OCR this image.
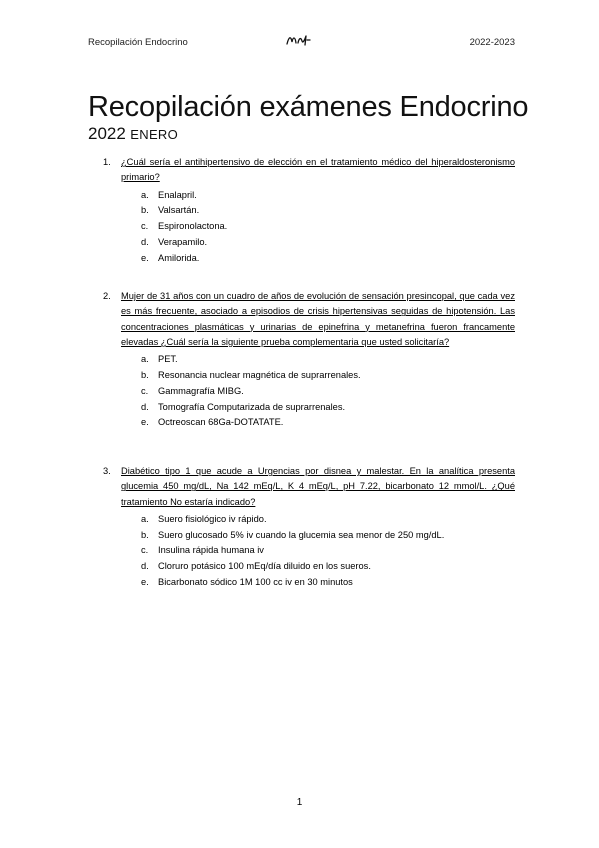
Recopilación Endocrino	2022-2023
Recopilación exámenes Endocrino
2022 ENERO
1. ¿Cuál sería el antihipertensivo de elección en el tratamiento médico del hiperaldosteronismo primario?
a. Enalapril.
b. Valsartán.
c. Espironolactona.
d. Verapamilo.
e. Amilorida.
2. Mujer de 31 años con un cuadro de años de evolución de sensación presincopal, que cada vez es más frecuente, asociado a episodios de crisis hipertensivas seguidas de hipotensión. Las concentraciones plasmáticas y urinarias de epinefrina y metanefrina fueron francamente elevadas ¿Cuál sería la siguiente prueba complementaria que usted solicitaría?
a. PET.
b. Resonancia nuclear magnética de suprarrenales.
c. Gammagrafía MIBG.
d. Tomografía Computarizada de suprarrenales.
e. Octreoscan 68Ga-DOTATATE.
3. Diabético tipo 1 que acude a Urgencias por disnea y malestar. En la analítica presenta glucemia 450 mg/dL, Na 142 mEq/L, K 4 mEq/L, pH 7.22, bicarbonato 12 mmol/L. ¿Qué tratamiento No estaría indicado?
a. Suero fisiológico iv rápido.
b. Suero glucosado 5% iv cuando la glucemia sea menor de 250 mg/dL.
c. Insulina rápida humana iv
d. Cloruro potásico 100 mEq/día diluido en los sueros.
e. Bicarbonato sódico 1M 100 cc iv en 30 minutos
1
